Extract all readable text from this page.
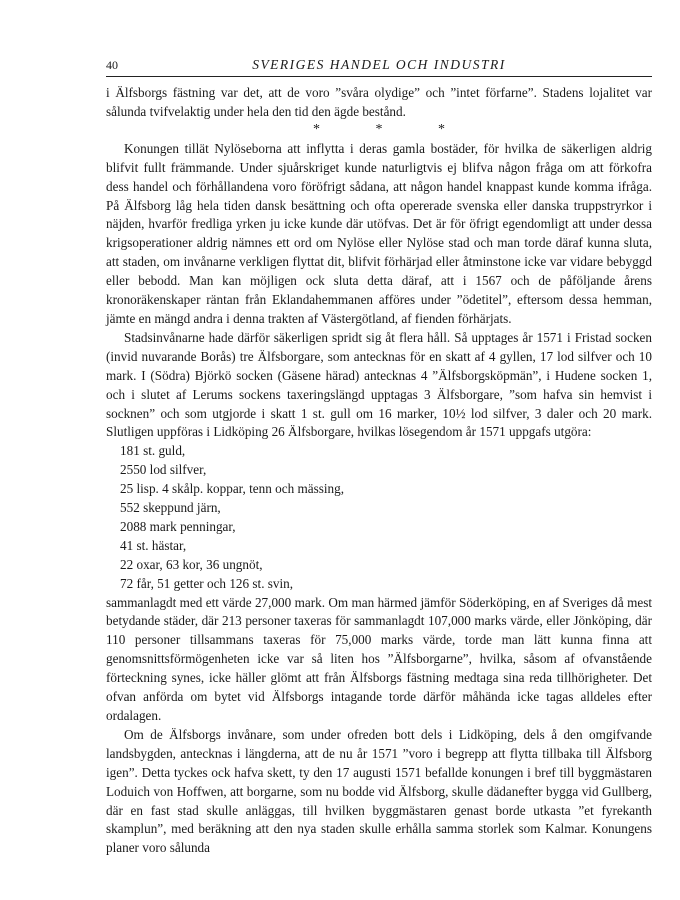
40	SVERIGES HANDEL OCH INDUSTRI

i Älfsborgs fästning var det, att de voro ”svåra olydige” och ”intet förfarne”. Stadens lojalitet var sålunda tvifvelaktig under hela den tid den ägde bestånd.

* * *

Konungen tillät Nylöseborna att inflytta i deras gamla bostäder, för hvilka de säkerligen aldrig blifvit fullt främmande. Under sjuårskriget kunde naturligtvis ej blifva någon fråga om att förkofra dess handel och förhållandena voro föröfrigt sådana, att någon handel knappast kunde komma ifråga. På Älfsborg låg hela tiden dansk besättning och ofta opererade svenska eller danska truppstryrkor i näjden, hvarför fredliga yrken ju icke kunde där utöfvas. Det är för öfrigt egendomligt att under dessa krigsoperationer aldrig nämnes ett ord om Nylöse eller Nylöse stad och man torde däraf kunna sluta, att staden, om invånarne verkligen flyttat dit, blifvit förhärjad eller åtminstone icke var vidare bebyggd eller bebodd. Man kan möjligen ock sluta detta däraf, att i 1567 och de påföljande årens kronoräkenskaper räntan från Eklandahemmanen afföres under ”ödetitel”, eftersom dessa hemman, jämte en mängd andra i denna trakten af Västergötland, af fienden förhärjats.

Stadsinvånarne hade därför säkerligen spridt sig åt flera håll. Så upptages år 1571 i Fristad socken (invid nuvarande Borås) tre Älfsborgare, som antecknas för en skatt af 4 gyllen, 17 lod silfver och 10 mark. I (Södra) Björkö socken (Gäsene härad) antecknas 4 ”Älfsborgsköpmän”, i Hudene socken 1, och i slutet af Lerums sockens taxeringslängd upptagas 3 Älfsborgare, ”som hafva sin hemvist i socknen” och som utgjorde i skatt 1 st. gull om 16 marker, 10½ lod silfver, 3 daler och 20 mark. Slutligen uppföras i Lidköping 26 Älfsborgare, hvilkas lösegendom år 1571 uppgafs utgöra:

181 st. guld,
2550 lod silfver,
25 lisp. 4 skålp. koppar, tenn och mässing,
552 skeppund järn,
2088 mark penningar,
41 st. hästar,
22 oxar, 63 kor, 36 ungnöt,
72 får, 51 getter och 126 st. svin,

sammanlagdt med ett värde 27,000 mark. Om man härmed jämför Söderköping, en af Sveriges då mest betydande städer, där 213 personer taxeras för sammanlagdt 107,000 marks värde, eller Jönköping, där 110 personer tillsammans taxeras för 75,000 marks värde, torde man lätt kunna finna att genomsnittsförmögenheten icke var så liten hos ”Älfsborgarne”, hvilka, såsom af ofvanstående förteckning synes, icke häller glömt att från Älfsborgs fästning medtaga sina reda tillhörigheter. Det ofvan anförda om bytet vid Älfsborgs intagande torde därför måhända icke tagas alldeles efter ordalagen.

Om de Älfsborgs invånare, som under ofreden bott dels i Lidköping, dels å den omgifvande landsbygden, antecknas i längderna, att de nu år 1571 ”voro i begrepp att flytta tillbaka till Älfsborg igen”. Detta tyckes ock hafva skett, ty den 17 augusti 1571 befallde konungen i bref till byggmästaren Loduich von Hoffwen, att borgarne, som nu bodde vid Älfsborg, skulle dädanefter bygga vid Gullberg, där en fast stad skulle anläggas, till hvilken byggmästaren genast borde utkasta ”et fyrekanth skamplun”, med beräkning att den nya staden skulle erhålla samma storlek som Kalmar. Konungens planer voro sålunda
